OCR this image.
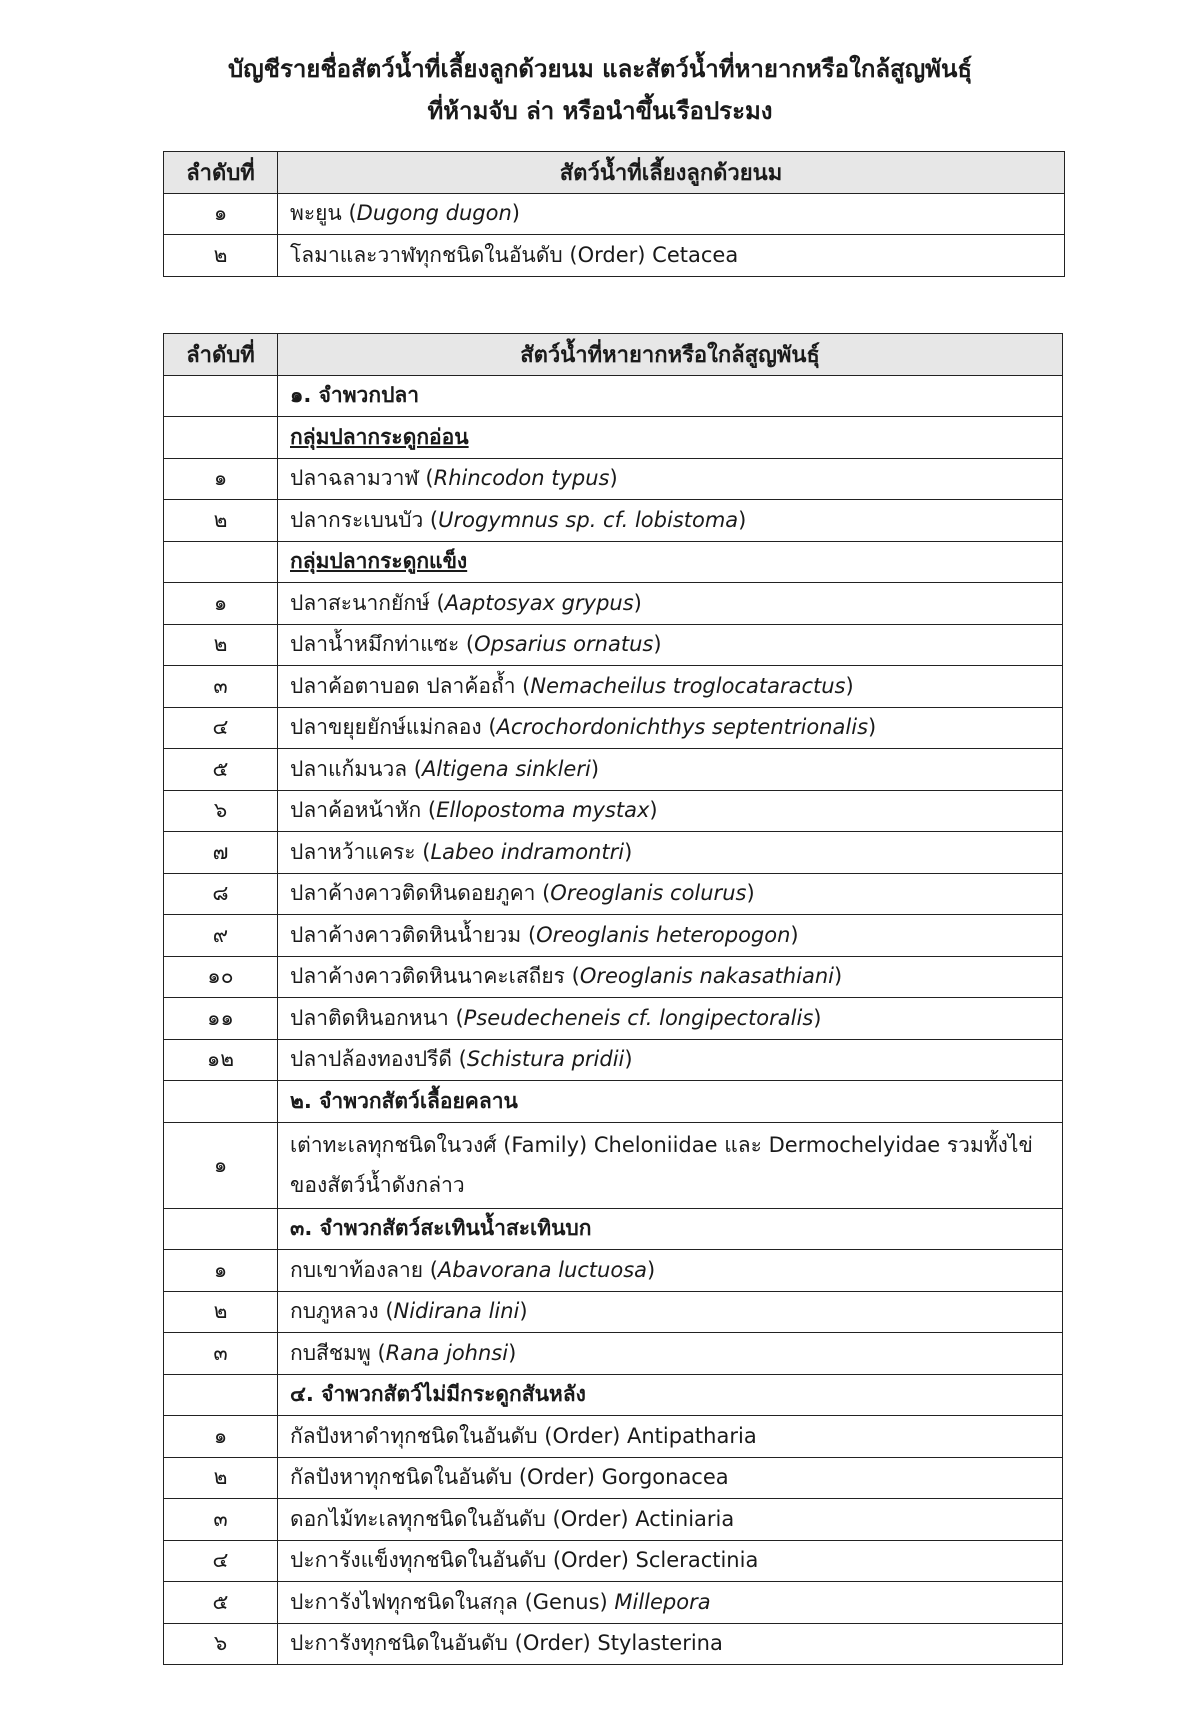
บัญชีรายชื่อสัตว์น้ำที่เลี้ยงลูกด้วยนม และสัตว์น้ำที่หายากหรือใกล้สูญพันธุ์
ที่ห้ามจับ ล่า หรือนำขึ้นเรือประมง
ลำดับที่	สัตว์น้ำที่เลี้ยงลูกด้วยนม
๑	พะยูน (Dugong dugon)
๒	โลมาและวาฬทุกชนิดในอันดับ (Order) Cetacea
ลำดับที่	สัตว์น้ำที่หายากหรือใกล้สูญพันธุ์
	๑. จำพวกปลา
	กลุ่มปลากระดูกอ่อน
๑	ปลาฉลามวาฬ (Rhincodon typus)
๒	ปลากระเบนบัว (Urogymnus sp. cf. lobistoma)
	กลุ่มปลากระดูกแข็ง
๑	ปลาสะนากยักษ์ (Aaptosyax grypus)
๒	ปลาน้ำหมึกท่าแซะ (Opsarius ornatus)
๓	ปลาค้อตาบอด ปลาค้อถ้ำ (Nemacheilus troglocataractus)
๔	ปลาขยุยยักษ์แม่กลอง (Acrochordonichthys septentrionalis)
๕	ปลาแก้มนวล (Altigena sinkleri)
๖	ปลาค้อหน้าหัก (Ellopostoma mystax)
๗	ปลาหว้าแคระ (Labeo indramontri)
๘	ปลาค้างคาวติดหินดอยภูคา (Oreoglanis colurus)
๙	ปลาค้างคาวติดหินน้ำยวม (Oreoglanis heteropogon)
๑๐	ปลาค้างคาวติดหินนาคะเสถียร (Oreoglanis nakasathiani)
๑๑	ปลาติดหินอกหนา (Pseudecheneis cf. longipectoralis)
๑๒	ปลาปล้องทองปรีดี (Schistura pridii)
	๒. จำพวกสัตว์เลื้อยคลาน
๑	เต่าทะเลทุกชนิดในวงศ์ (Family) Cheloniidae และ Dermochelyidae รวมทั้งไข่ของสัตว์น้ำดังกล่าว
	๓. จำพวกสัตว์สะเทินน้ำสะเทินบก
๑	กบเขาท้องลาย (Abavorana luctuosa)
๒	กบภูหลวง (Nidirana lini)
๓	กบสีชมพู (Rana johnsi)
	๔. จำพวกสัตว์ไม่มีกระดูกสันหลัง
๑	กัลปังหาดำทุกชนิดในอันดับ (Order) Antipatharia
๒	กัลปังหาทุกชนิดในอันดับ (Order) Gorgonacea
๓	ดอกไม้ทะเลทุกชนิดในอันดับ (Order) Actiniaria
๔	ปะการังแข็งทุกชนิดในอันดับ (Order) Scleractinia
๕	ปะการังไฟทุกชนิดในสกุล (Genus) Millepora
๖	ปะการังทุกชนิดในอันดับ (Order) Stylasterina
